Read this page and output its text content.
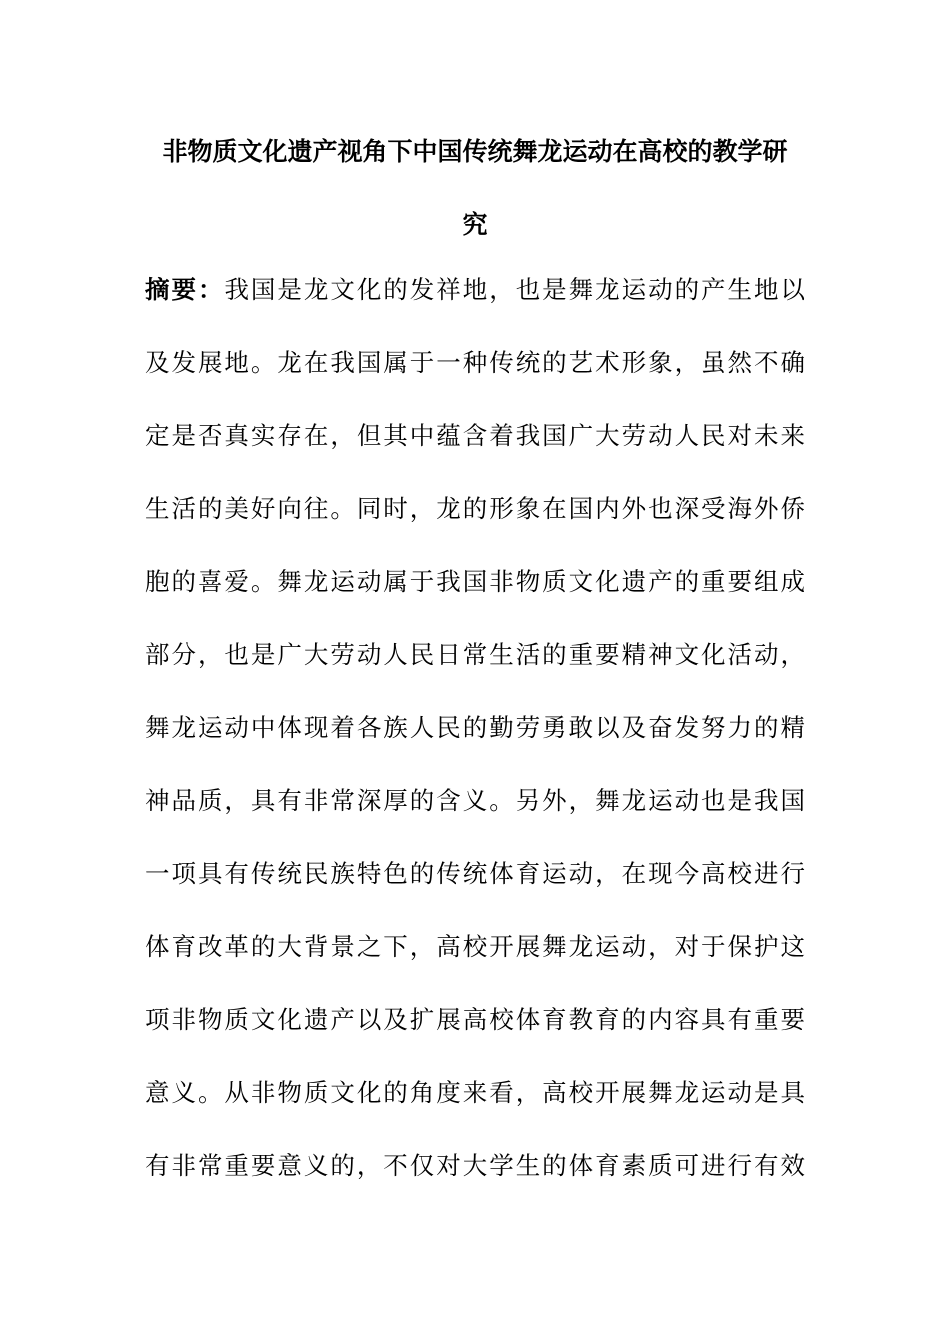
非物质文化遗产视角下中国传统舞龙运动在高校的教学研
究
摘要：我国是龙文化的发祥地，也是舞龙运动的产生地以
及发展地。龙在我国属于一种传统的艺术形象，虽然不确
定是否真实存在，但其中蕴含着我国广大劳动人民对未来
生活的美好向往。同时，龙的形象在国内外也深受海外侨
胞的喜爱。舞龙运动属于我国非物质文化遗产的重要组成
部分，也是广大劳动人民日常生活的重要精神文化活动，
舞龙运动中体现着各族人民的勤劳勇敢以及奋发努力的精
神品质，具有非常深厚的含义。另外，舞龙运动也是我国
一项具有传统民族特色的传统体育运动，在现今高校进行
体育改革的大背景之下，高校开展舞龙运动，对于保护这
项非物质文化遗产以及扩展高校体育教育的内容具有重要
意义。从非物质文化的角度来看，高校开展舞龙运动是具
有非常重要意义的，不仅对大学生的体育素质可进行有效
